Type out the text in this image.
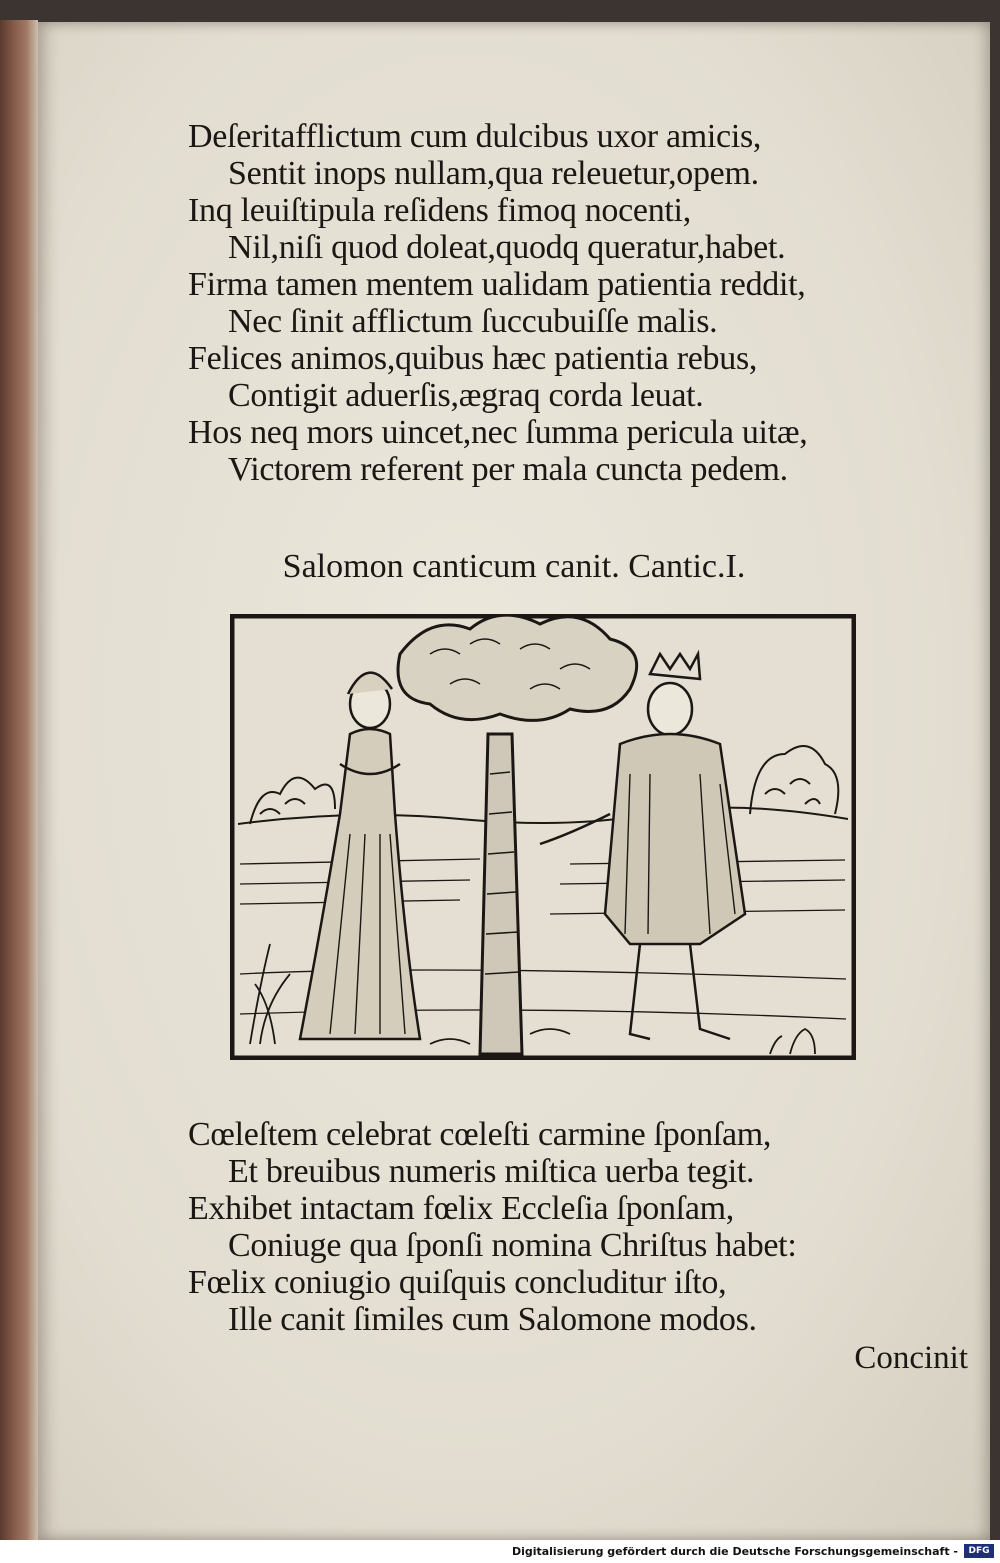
Deſeritafflictum cum dulcibus uxor amicis,
Sentit inops nullam,qua releuetur,opem.
Inq leuiſtipula reſidens fimoq nocenti,
Nil,niſi quod doleat,quodq queratur,habet.
Firma tamen mentem ualidam patientia reddit,
Nec ſinit afflictum ſuccubuiſſe malis.
Felices animos,quibus hæc patientia rebus,
Contigit aduerſis,ægraq corda leuat.
Hos neq mors uincet,nec ſumma pericula uitæ,
Victorem referent per mala cuncta pedem.
Salomon canticum canit. Cantic.I.
Cœleſtem celebrat cœleſti carmine ſponſam,
Et breuibus numeris miſtica uerba tegit.
Exhibet intactam fœlix Eccleſia ſponſam,
Coniuge qua ſponſi nomina Chriſtus habet:
Fœlix coniugio quiſquis concluditur iſto,
Ille canit ſimiles cum Salomone modos.
Concinit
Digitalisierung gefördert durch die Deutsche Forschungsgemeinschaft -	DFG
